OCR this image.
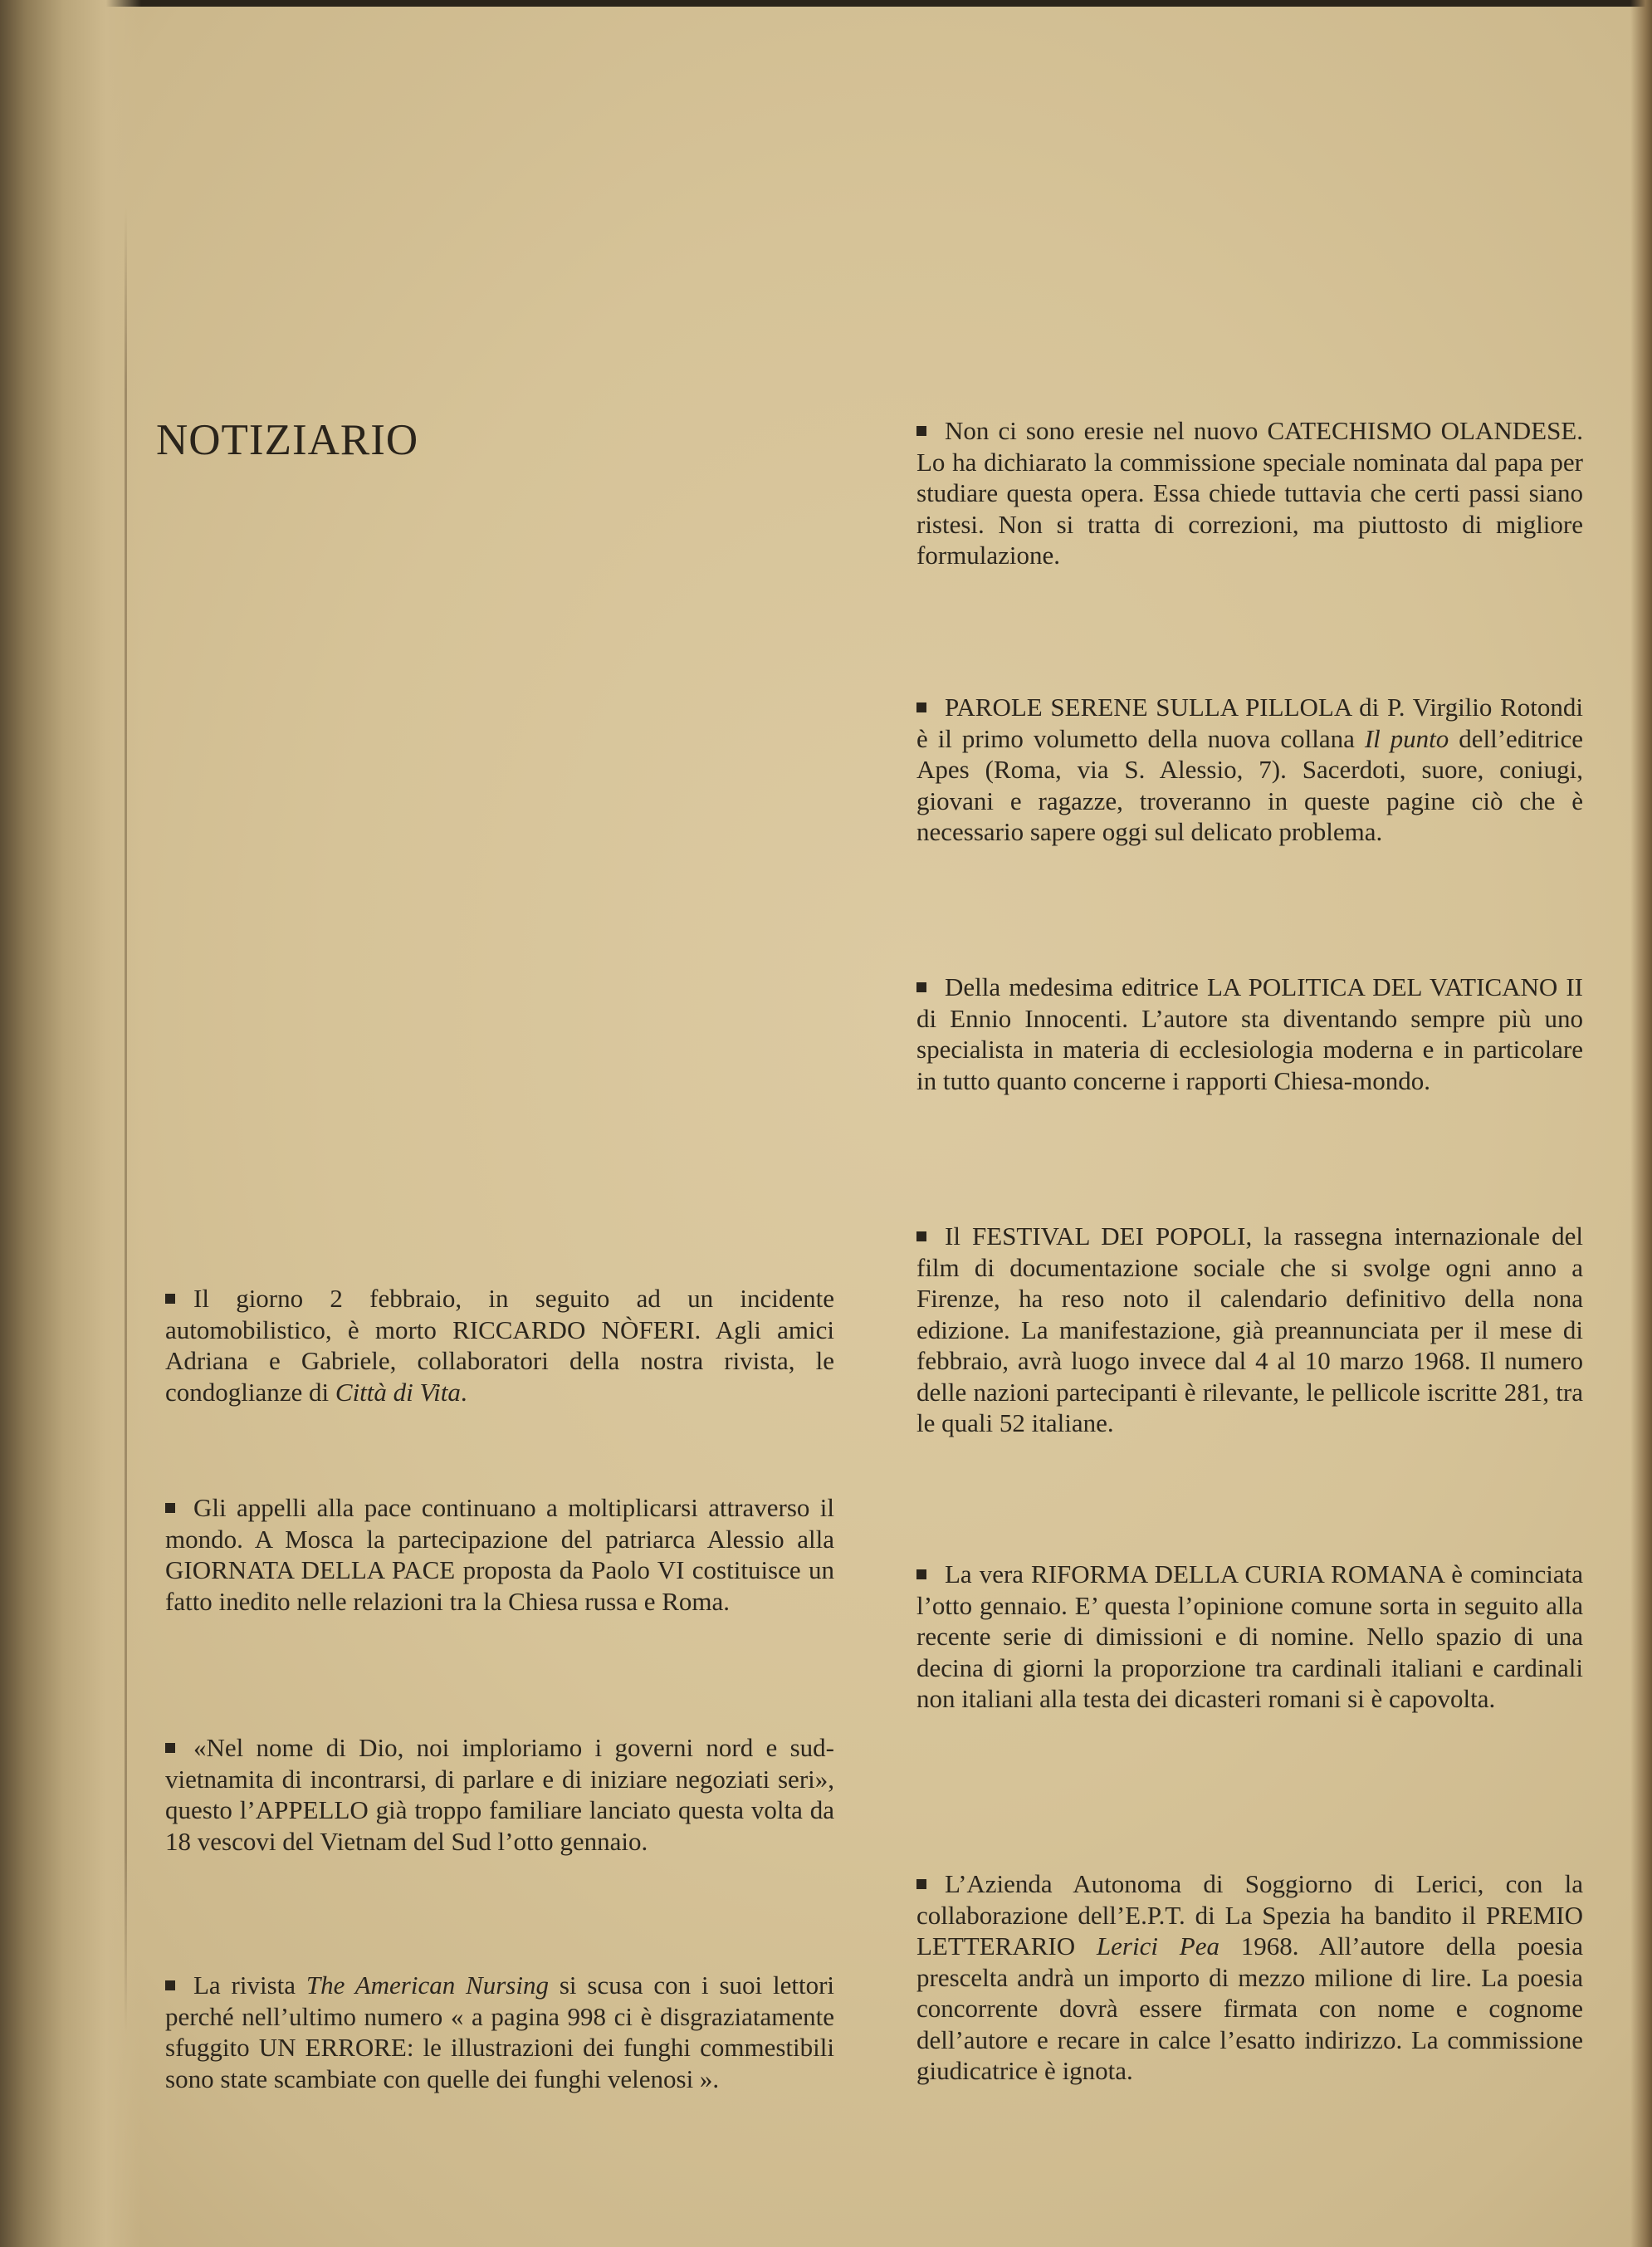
NOTIZIARIO

Il giorno 2 febbraio, in seguito ad un incidente automobilistico, è morto RICCARDO NÒFERI. Agli amici Adriana e Gabriele, collaboratori della nostra rivista, le condoglianze di Città di Vita.

Gli appelli alla pace continuano a moltiplicarsi attraverso il mondo. A Mosca la partecipazione del patriarca Alessio alla GIORNATA DELLA PACE proposta da Paolo VI costituisce un fatto inedito nelle relazioni tra la Chiesa russa e Roma.

«Nel nome di Dio, noi imploriamo i governi nord e sud-vietnamita di incontrarsi, di parlare e di iniziare negoziati seri», questo l’APPELLO già troppo familiare lanciato questa volta da 18 vescovi del Vietnam del Sud l’otto gennaio.

La rivista The American Nursing si scusa con i suoi lettori perché nell’ultimo numero « a pagina 998 ci è disgraziatamente sfuggito UN ERRORE: le illustrazioni dei funghi commestibili sono state scambiate con quelle dei funghi velenosi ».

Non ci sono eresie nel nuovo CATECHISMO OLANDESE. Lo ha dichiarato la commissione speciale nominata dal papa per studiare questa opera. Essa chiede tuttavia che certi passi siano ristesi. Non si tratta di correzioni, ma piuttosto di migliore formulazione.

PAROLE SERENE SULLA PILLOLA di P. Virgilio Rotondi è il primo volumetto della nuova collana Il punto dell’editrice Apes (Roma, via S. Alessio, 7). Sacerdoti, suore, coniugi, giovani e ragazze, troveranno in queste pagine ciò che è necessario sapere oggi sul delicato problema.

Della medesima editrice LA POLITICA DEL VATICANO II di Ennio Innocenti. L’autore sta diventando sempre più uno specialista in materia di ecclesiologia moderna e in particolare in tutto quanto concerne i rapporti Chiesa-mondo.

Il FESTIVAL DEI POPOLI, la rassegna internazionale del film di documentazione sociale che si svolge ogni anno a Firenze, ha reso noto il calendario definitivo della nona edizione. La manifestazione, già preannunciata per il mese di febbraio, avrà luogo invece dal 4 al 10 marzo 1968. Il numero delle nazioni partecipanti è rilevante, le pellicole iscritte 281, tra le quali 52 italiane.

La vera RIFORMA DELLA CURIA ROMANA è cominciata l’otto gennaio. E’ questa l’opinione comune sorta in seguito alla recente serie di dimissioni e di nomine. Nello spazio di una decina di giorni la proporzione tra cardinali italiani e cardinali non italiani alla testa dei dicasteri romani si è capovolta.

L’Azienda Autonoma di Soggiorno di Lerici, con la collaborazione dell’E.P.T. di La Spezia ha bandito il PREMIO LETTERARIO Lerici Pea 1968. All’autore della poesia prescelta andrà un importo di mezzo milione di lire. La poesia concorrente dovrà essere firmata con nome e cognome dell’autore e recare in calce l’esatto indirizzo. La commissione giudicatrice è ignota.
